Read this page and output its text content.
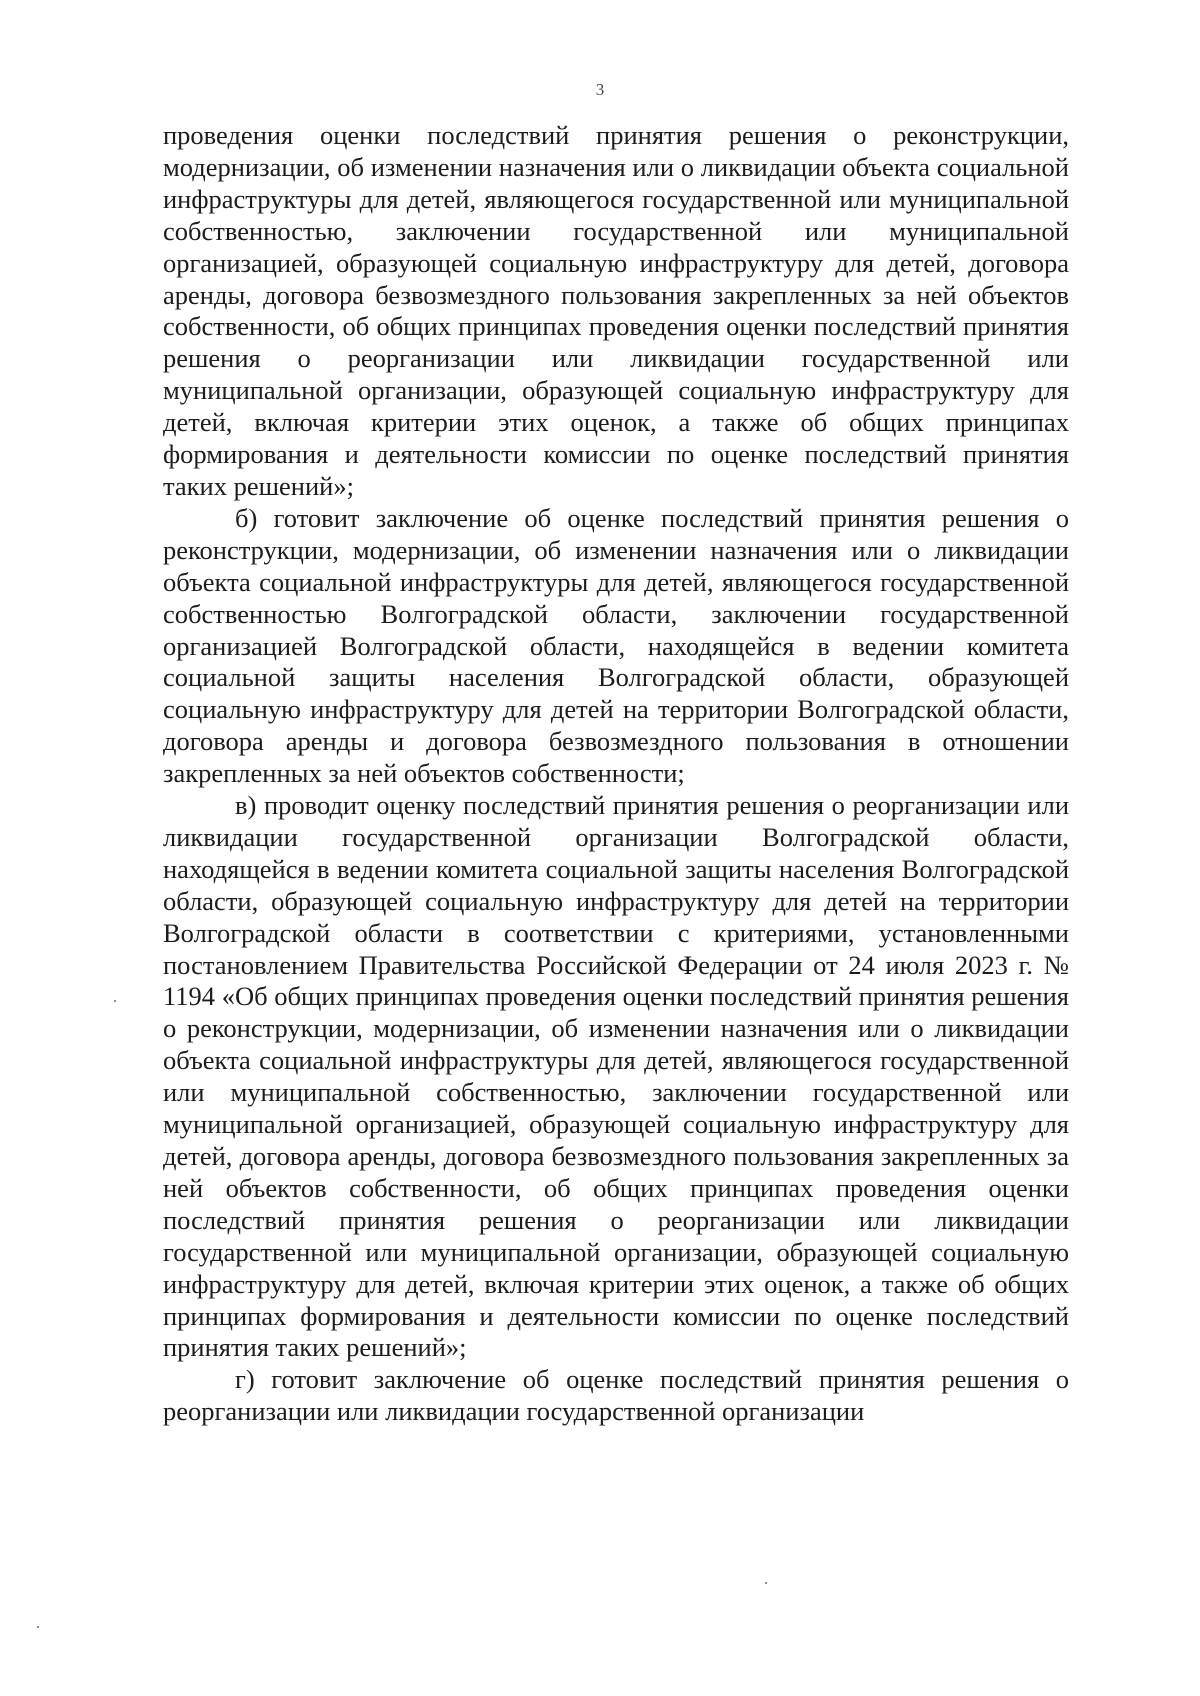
3

проведения оценки последствий принятия решения о реконструкции, модернизации, об изменении назначения или о ликвидации объекта социальной инфраструктуры для детей, являющегося государственной или муниципальной собственностью, заключении государственной или муниципальной организацией, образующей социальную инфраструктуру для детей, договора аренды, договора безвозмездного пользования закрепленных за ней объектов собственности, об общих принципах проведения оценки последствий принятия решения о реорганизации или ликвидации государственной или муниципальной организации, образующей социальную инфраструктуру для детей, включая критерии этих оценок, а также об общих принципах формирования и деятельности комиссии по оценке последствий принятия таких решений»;

б) готовит заключение об оценке последствий принятия решения о реконструкции, модернизации, об изменении назначения или о ликвидации объекта социальной инфраструктуры для детей, являющегося государственной собственностью Волгоградской области, заключении государственной организацией Волгоградской области, находящейся в ведении комитета социальной защиты населения Волгоградской области, образующей социальную инфраструктуру для детей на территории Волгоградской области, договора аренды и договора безвозмездного пользования в отношении закрепленных за ней объектов собственности;

в) проводит оценку последствий принятия решения о реорганизации или ликвидации государственной организации Волгоградской области, находящейся в ведении комитета социальной защиты населения Волгоградской области, образующей социальную инфраструктуру для детей на территории Волгоградской области в соответствии с критериями, установленными постановлением Правительства Российской Федерации от 24 июля 2023 г. № 1194 «Об общих принципах проведения оценки последствий принятия решения о реконструкции, модернизации, об изменении назначения или о ликвидации объекта социальной инфраструктуры для детей, являющегося государственной или муниципальной собственностью, заключении государственной или муниципальной организацией, образующей социальную инфраструктуру для детей, договора аренды, договора безвозмездного пользования закрепленных за ней объектов собственности, об общих принципах проведения оценки последствий принятия решения о реорганизации или ликвидации государственной или муниципальной организации, образующей социальную инфраструктуру для детей, включая критерии этих оценок, а также об общих принципах формирования и деятельности комиссии по оценке последствий принятия таких решений»;

г) готовит заключение об оценке последствий принятия решения о реорганизации или ликвидации государственной организации
